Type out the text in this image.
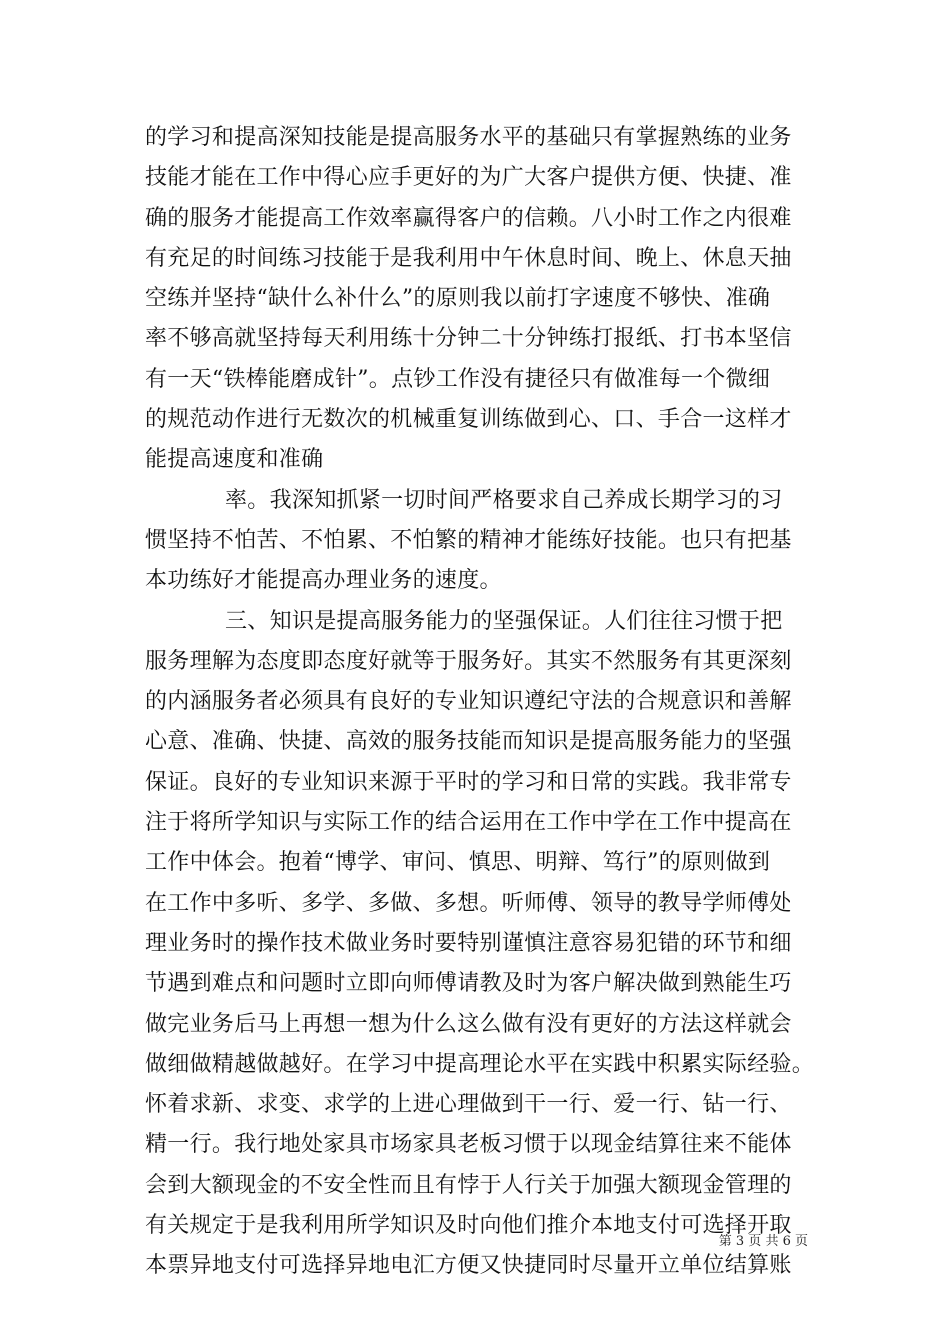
的学习和提高深知技能是提高服务水平的基础只有掌握熟练的业务
技能才能在工作中得心应手更好的为广大客户提供方便、快捷、准
确的服务才能提高工作效率赢得客户的信赖。八小时工作之内很难
有充足的时间练习技能于是我利用中午休息时间、晚上、休息天抽
空练并坚持“缺什么补什么”的原则我以前打字速度不够快、准确
率不够高就坚持每天利用练十分钟二十分钟练打报纸、打书本坚信
有一天“铁棒能磨成针”。点钞工作没有捷径只有做准每一个微细
的规范动作进行无数次的机械重复训练做到心、口、手合一这样才
能提高速度和准确
率。我深知抓紧一切时间严格要求自己养成长期学习的习
惯坚持不怕苦、不怕累、不怕繁的精神才能练好技能。也只有把基
本功练好才能提高办理业务的速度。
三、知识是提高服务能力的坚强保证。人们往往习惯于把
服务理解为态度即态度好就等于服务好。其实不然服务有其更深刻
的内涵服务者必须具有良好的专业知识遵纪守法的合规意识和善解
心意、准确、快捷、高效的服务技能而知识是提高服务能力的坚强
保证。良好的专业知识来源于平时的学习和日常的实践。我非常专
注于将所学知识与实际工作的结合运用在工作中学在工作中提高在
工作中体会。抱着“博学、审问、慎思、明辩、笃行”的原则做到
在工作中多听、多学、多做、多想。听师傅、领导的教导学师傅处
理业务时的操作技术做业务时要特别谨慎注意容易犯错的环节和细
节遇到难点和问题时立即向师傅请教及时为客户解决做到熟能生巧
做完业务后马上再想一想为什么这么做有没有更好的方法这样就会
做细做精越做越好。在学习中提高理论水平在实践中积累实际经验。
怀着求新、求变、求学的上进心理做到干一行、爱一行、钻一行、
精一行。我行地处家具市场家具老板习惯于以现金结算往来不能体
会到大额现金的不安全性而且有悖于人行关于加强大额现金管理的
有关规定于是我利用所学知识及时向他们推介本地支付可选择开取
本票异地支付可选择异地电汇方便又快捷同时尽量开立单位结算账
第 3 页 共 6 页
